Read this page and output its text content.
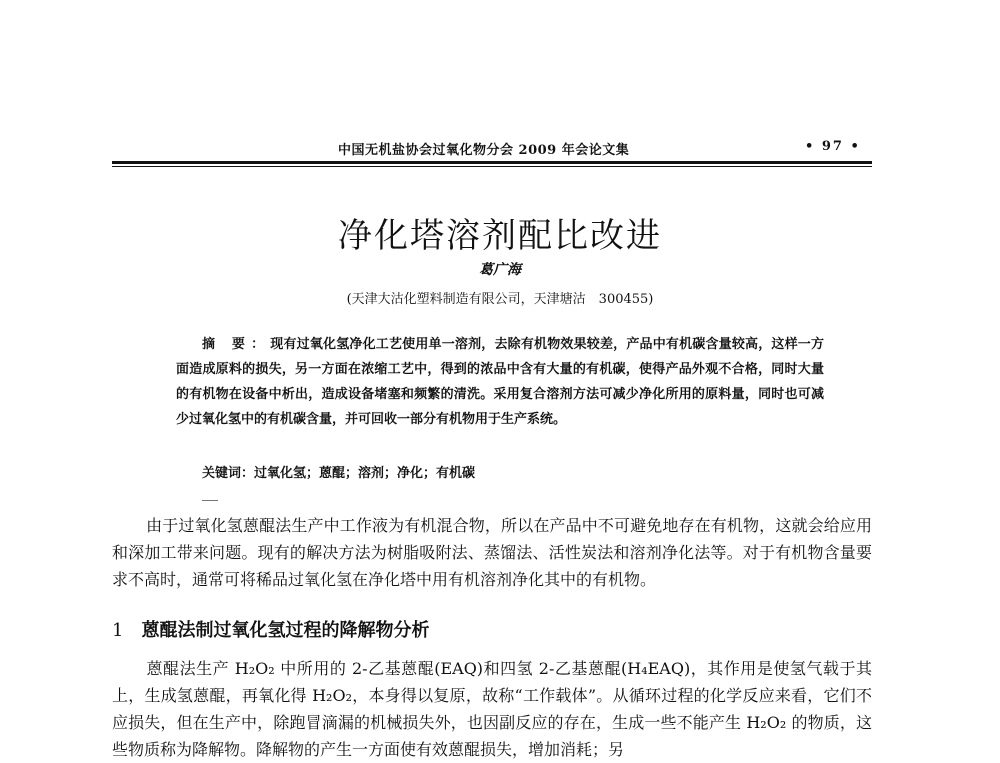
中国无机盐协会过氧化物分会 2009 年会论文集	• 97 •
净化塔溶剂配比改进
葛广海
(天津大沽化塑料制造有限公司，天津塘沽　300455)
摘 要：现有过氧化氢净化工艺使用单一溶剂，去除有机物效果较差，产品中有机碳含量较高，这样一方面造成原料的损失，另一方面在浓缩工艺中，得到的浓品中含有大量的有机碳，使得产品外观不合格，同时大量的有机物在设备中析出，造成设备堵塞和频繁的清洗。采用复合溶剂方法可减少净化所用的原料量，同时也可减少过氧化氢中的有机碳含量，并可回收一部分有机物用于生产系统。
关键词：过氧化氢；蒽醌；溶剂；净化；有机碳
由于过氧化氢蒽醌法生产中工作液为有机混合物，所以在产品中不可避免地存在有机物，这就会给应用和深加工带来问题。现有的解决方法为树脂吸附法、蒸馏法、活性炭法和溶剂净化法等。对于有机物含量要求不高时，通常可将稀品过氧化氢在净化塔中用有机溶剂净化其中的有机物。
1 蒽醌法制过氧化氢过程的降解物分析
蒽醌法生产 H₂O₂ 中所用的 2-乙基蒽醌(EAQ)和四氢 2-乙基蒽醌(H₄EAQ)，其作用是使氢气载于其上，生成氢蒽醌，再氧化得 H₂O₂，本身得以复原，故称“工作载体”。从循环过程的化学反应来看，它们不应损失，但在生产中，除跑冒滴漏的机械损失外，也因副反应的存在，生成一些不能产生 H₂O₂ 的物质，这些物质称为降解物。降解物的产生一方面使有效蒽醌损失，增加消耗；另
